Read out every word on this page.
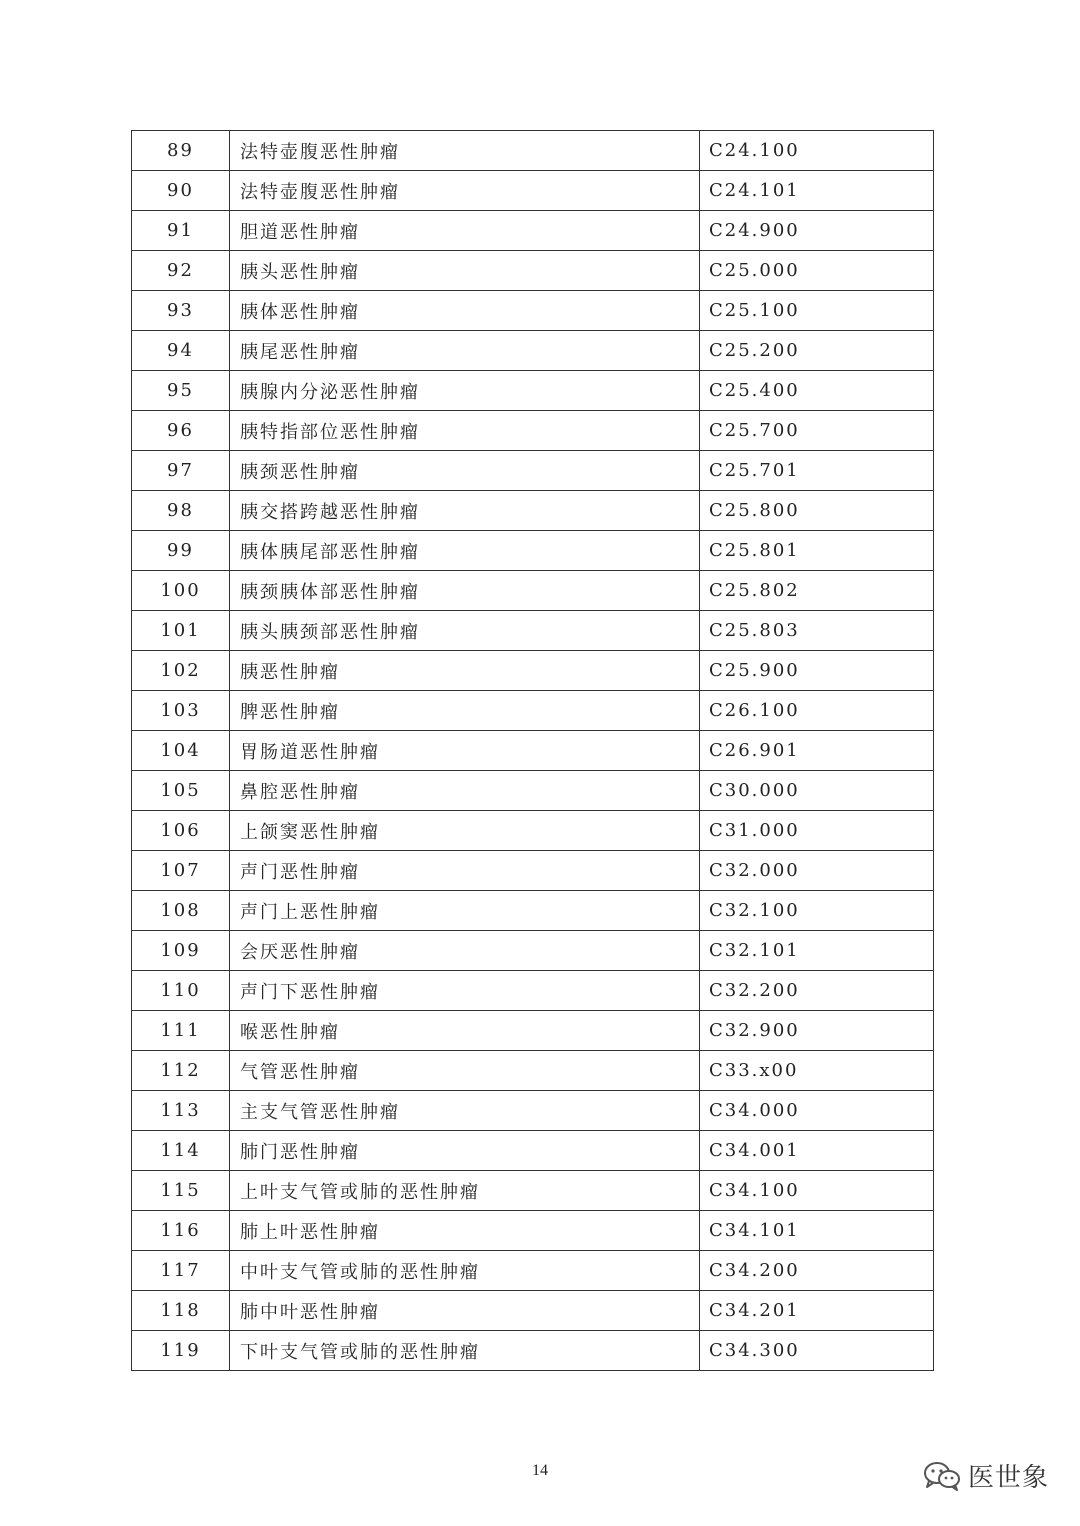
89	法特壶腹恶性肿瘤	C24.100
90	法特壶腹恶性肿瘤	C24.101
91	胆道恶性肿瘤	C24.900
92	胰头恶性肿瘤	C25.000
93	胰体恶性肿瘤	C25.100
94	胰尾恶性肿瘤	C25.200
95	胰腺内分泌恶性肿瘤	C25.400
96	胰特指部位恶性肿瘤	C25.700
97	胰颈恶性肿瘤	C25.701
98	胰交搭跨越恶性肿瘤	C25.800
99	胰体胰尾部恶性肿瘤	C25.801
100	胰颈胰体部恶性肿瘤	C25.802
101	胰头胰颈部恶性肿瘤	C25.803
102	胰恶性肿瘤	C25.900
103	脾恶性肿瘤	C26.100
104	胃肠道恶性肿瘤	C26.901
105	鼻腔恶性肿瘤	C30.000
106	上颌窦恶性肿瘤	C31.000
107	声门恶性肿瘤	C32.000
108	声门上恶性肿瘤	C32.100
109	会厌恶性肿瘤	C32.101
110	声门下恶性肿瘤	C32.200
111	喉恶性肿瘤	C32.900
112	气管恶性肿瘤	C33.x00
113	主支气管恶性肿瘤	C34.000
114	肺门恶性肿瘤	C34.001
115	上叶支气管或肺的恶性肿瘤	C34.100
116	肺上叶恶性肿瘤	C34.101
117	中叶支气管或肺的恶性肿瘤	C34.200
118	肺中叶恶性肿瘤	C34.201
119	下叶支气管或肺的恶性肿瘤	C34.300
14	医世象
